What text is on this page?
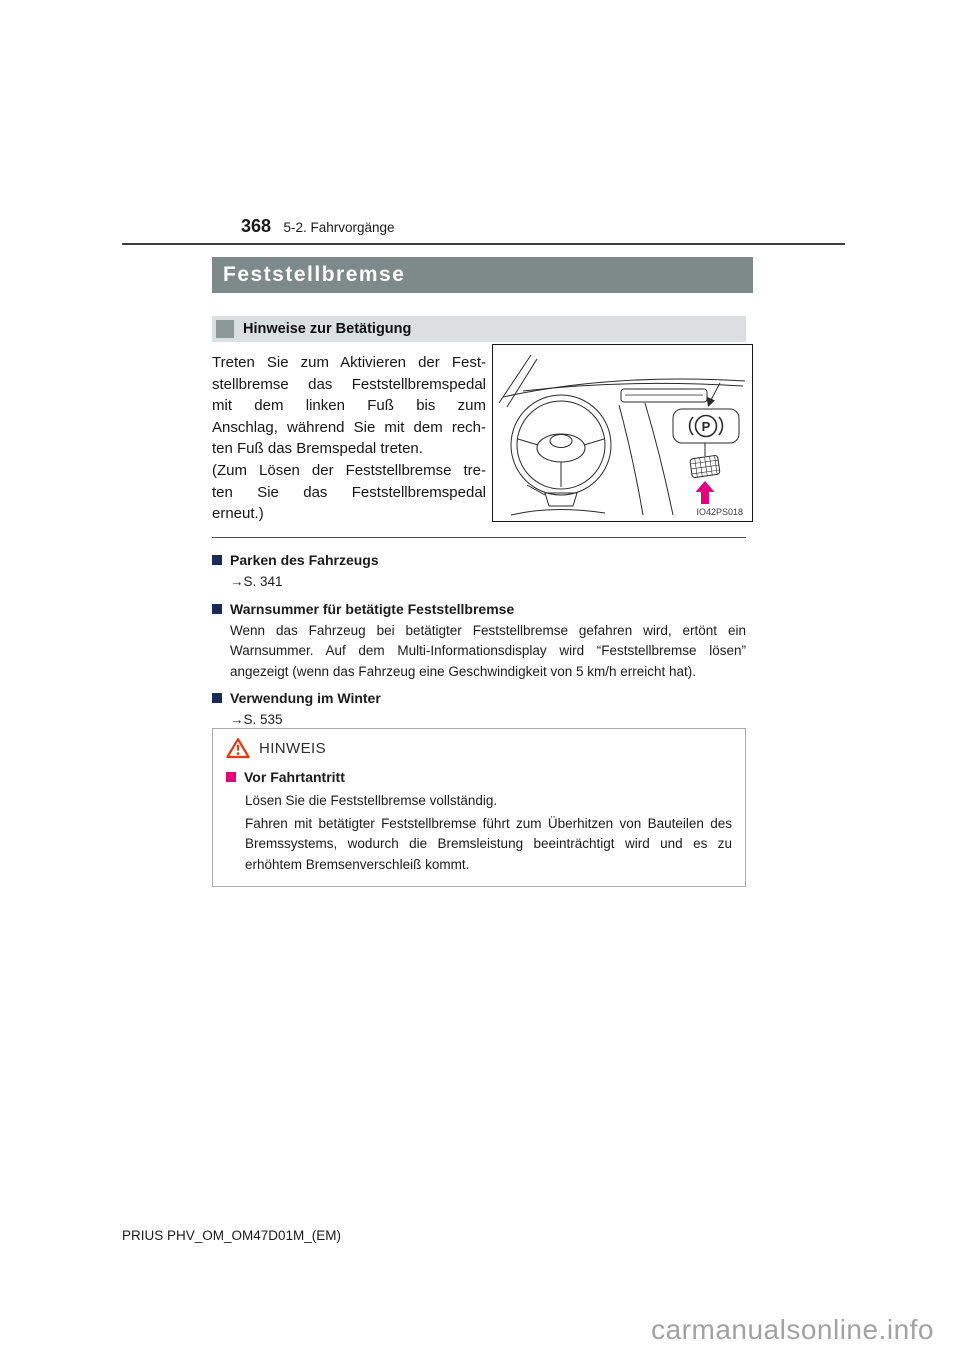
368 5-2. Fahrvorgänge
Feststellbremse
Hinweise zur Betätigung
Treten Sie zum Aktivieren der Fest-
stellbremse das Feststellbremspedal
mit dem linken Fuß bis zum
Anschlag, während Sie mit dem rech-
ten Fuß das Bremspedal treten.
(Zum Lösen der Feststellbremse tre-
ten Sie das Feststellbremspedal
erneut.)
P
IO42PS018
Parken des Fahrzeugs
→S. 341
Warnsummer für betätigte Feststellbremse
Wenn das Fahrzeug bei betätigter Feststellbremse gefahren wird, ertönt ein Warnsummer. Auf dem Multi-Informationsdisplay wird “Feststellbremse lösen” angezeigt (wenn das Fahrzeug eine Geschwindigkeit von 5 km/h erreicht hat).
Verwendung im Winter
→S. 535
HINWEIS
Vor Fahrtantritt
Lösen Sie die Feststellbremse vollständig.
Fahren mit betätigter Feststellbremse führt zum Überhitzen von Bauteilen des Bremssystems, wodurch die Bremsleistung beeinträchtigt wird und es zu erhöhtem Bremsenverschleiß kommt.
PRIUS PHV_OM_OM47D01M_(EM)
carmanualsonline.info
